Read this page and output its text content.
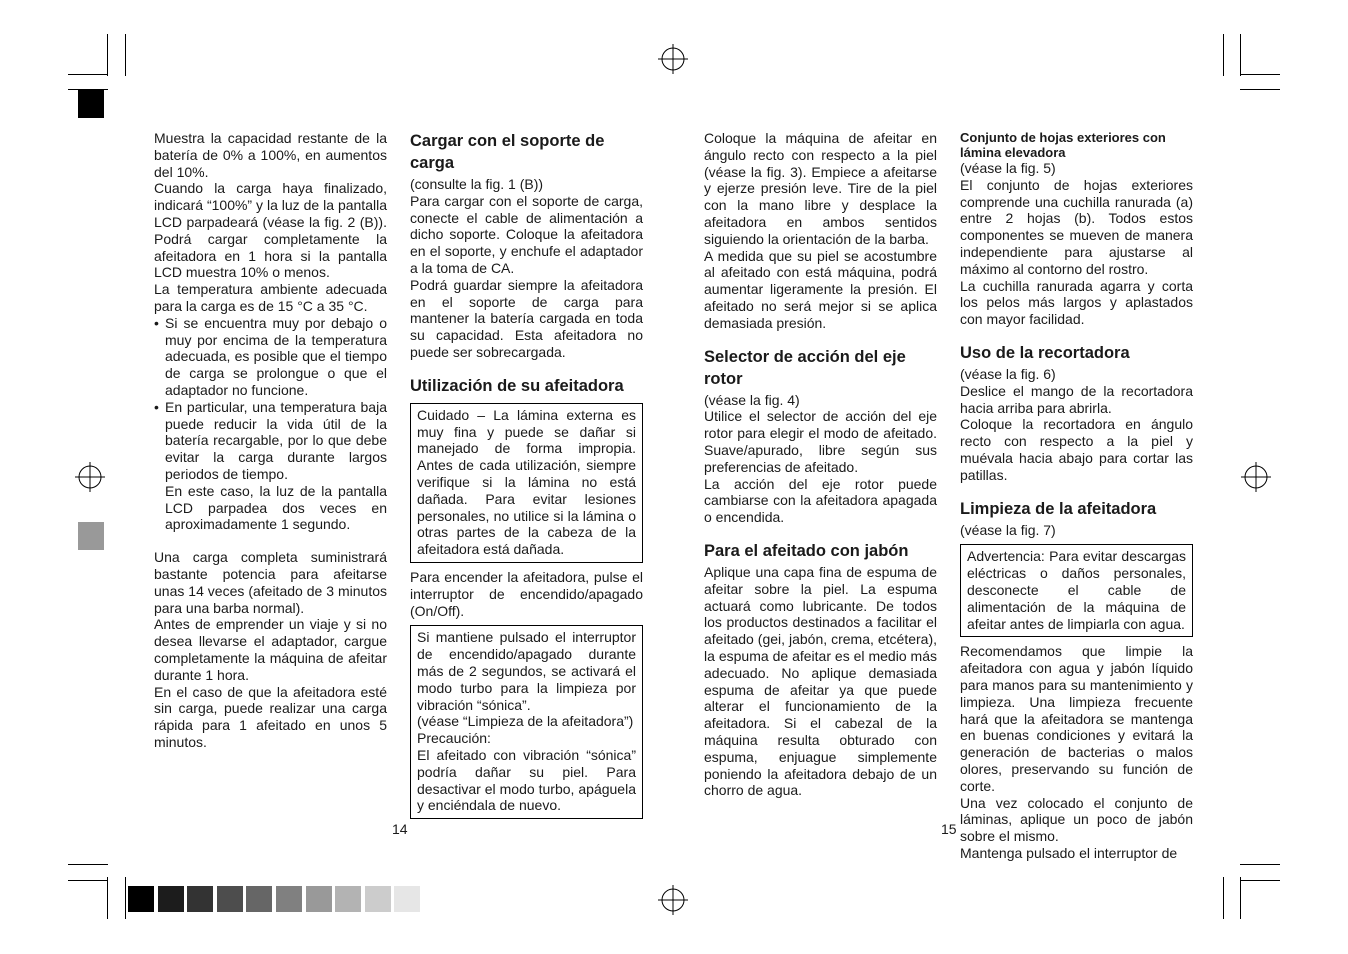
Muestra la capacidad restante de la batería de 0% a 100%, en aumentos del 10%.

Cuando la carga haya finalizado, indicará “100%” y la luz de la pantalla LCD parpadeará (véase la fig. 2 (B)). Podrá cargar completamente la afeitadora en 1 hora si la pantalla LCD muestra 10% o menos.

La temperatura ambiente adecuada para la carga es de 15 °C a 35 °C.

• Si se encuentra muy por debajo o muy por encima de la temperatura adecuada, es posible que el tiempo de carga se prolongue o que el adaptador no funcione.
• En particular, una temperatura baja puede reducir la vida útil de la batería recargable, por lo que debe evitar la carga durante largos periodos de tiempo.

En este caso, la luz de la pantalla LCD parpadea dos veces en aproximadamente 1 segundo.

Una carga completa suministrará bastante potencia para afeitarse unas 14 veces (afeitado de 3 minutos para una barba normal).

Antes de emprender un viaje y si no desea llevarse el adaptador, cargue completamente la máquina de afeitar durante 1 hora.

En el caso de que la afeitadora esté sin carga, puede realizar una carga rápida para 1 afeitado en unos 5 minutos.

Cargar con el soporte de carga

(consulte la fig. 1 (B))

Para cargar con el soporte de carga, conecte el cable de alimentación a dicho soporte. Coloque la afeitadora en el soporte, y enchufe el adaptador a la toma de CA.

Podrá guardar siempre la afeitadora en el soporte de carga para mantener la batería cargada en toda su capacidad. Esta afeitadora no puede ser sobrecargada.

Utilización de su afeitadora

Cuidado – La lámina externa es muy fina y puede se dañar si manejado de forma impropia. Antes de cada utilización, siempre verifique si la lámina no está dañada. Para evitar lesiones personales, no utilice si la lámina o otras partes de la cabeza de la afeitadora está dañada.

Para encender la afeitadora, pulse el interruptor de encendido/apagado (On/Off).

Si mantiene pulsado el interruptor de encendido/apagado durante más de 2 segundos, se activará el modo turbo para la limpieza por vibración “sónica”.

(véase “Limpieza de la afeitadora”)

Precaución:

El afeitado con vibración “sónica” podría dañar su piel. Para desactivar el modo turbo, apáguela y enciéndala de nuevo.

Coloque la máquina de afeitar en ángulo recto con respecto a la piel (véase la fig. 3). Empiece a afeitarse y ejerze presión leve. Tire de la piel con la mano libre y desplace la afeitadora en ambos sentidos siguiendo la orientación de la barba.

A medida que su piel se acostumbre al afeitado con está máquina, podrá aumentar ligeramente la presión. El afeitado no será mejor si se aplica demasiada presión.

Selector de acción del eje rotor

(véase la fig. 4)

Utilice el selector de acción del eje rotor para elegir el modo de afeitado. Suave/apurado, libre según sus preferencias de afeitado.

La acción del eje rotor puede cambiarse con la afeitadora apagada o encendida.

Para el afeitado con jabón

Aplique una capa fina de espuma de afeitar sobre la piel. La espuma actuará como lubricante. De todos los productos destinados a facilitar el afeitado (gei, jabón, crema, etcétera), la espuma de afeitar es el medio más adecuado. No aplique demasiada espuma de afeitar ya que puede alterar el funcionamiento de la afeitadora. Si el cabezal de la máquina resulta obturado con espuma, enjuague simplemente poniendo la afeitadora debajo de un chorro de agua.

Conjunto de hojas exteriores con lámina elevadora

(véase la fig. 5)

El conjunto de hojas exteriores comprende una cuchilla ranurada (a) entre 2 hojas (b). Todos estos componentes se mueven de manera independiente para ajustarse al máximo al contorno del rostro.

La cuchilla ranurada agarra y corta los pelos más largos y aplastados con mayor facilidad.

Uso de la recortadora

(véase la fig. 6)

Deslice el mango de la recortadora hacia arriba para abrirla.

Coloque la recortadora en ángulo recto con respecto a la piel y muévala hacia abajo para cortar las patillas.

Limpieza de la afeitadora

(véase la fig. 7)

Advertencia: Para evitar descargas eléctricas o daños personales, desconecte el cable de alimentación de la máquina de afeitar antes de limpiarla con agua.

Recomendamos que limpie la afeitadora con agua y jabón líquido para manos para su mantenimiento y limpieza. Una limpieza frecuente hará que la afeitadora se mantenga en buenas condiciones y evitará la generación de bacterias o malos olores, preservando su función de corte.

Una vez colocado el conjunto de láminas, aplique un poco de jabón sobre el mismo.

Mantenga pulsado el interruptor de

14	15
